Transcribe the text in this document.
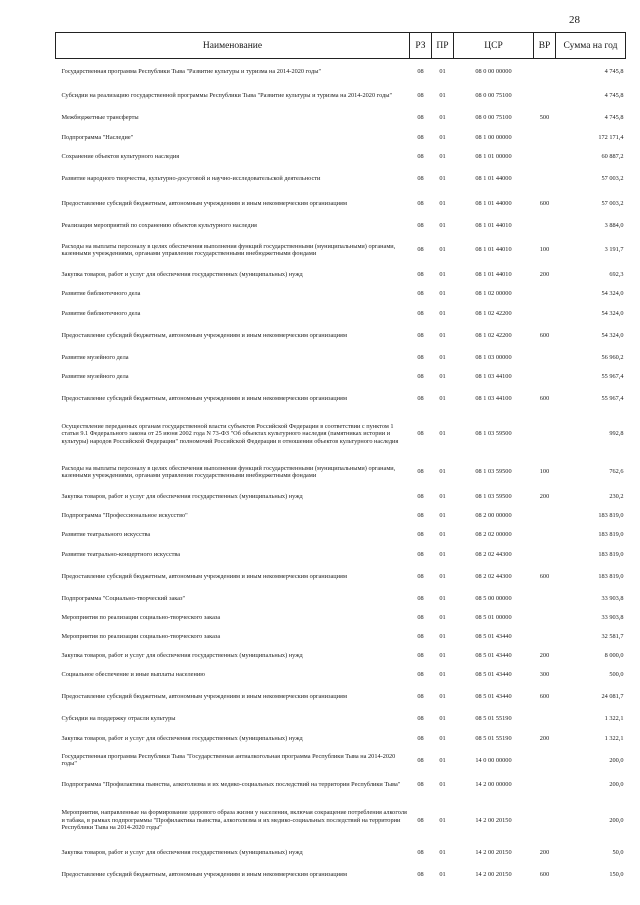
28
Наименование	РЗ	ПР	ЦСР	ВР	Сумма на год
Государственная программа Республики Тыва "Развитие культуры и туризма на 2014-2020 годы"	08	01	08 0 00 00000		4 745,8
Субсидии на реализацию государственной программы Республики Тыва "Развитие культуры и туризма на 2014-2020 годы"	08	01	08 0 00 75100		4 745,8
Межбюджетные трансферты	08	01	08 0 00 75100	500	4 745,8
Подпрограмма "Наследие"	08	01	08 1 00 00000		172 171,4
Сохранение объектов культурного наследия	08	01	08 1 01 00000		60 887,2
Развитие народного творчества, культурно-досуговой и научно-исследовательской деятельности	08	01	08 1 01 44000		57 003,2
Предоставление субсидий бюджетным, автономным учреждениям и иным некоммерческим организациям	08	01	08 1 01 44000	600	57 003,2
Реализация мероприятий по сохранению объектов культурного наследия	08	01	08 1 01 44010		3 884,0
Расходы на выплаты персоналу в целях обеспечения выполнения функций государственными (муниципальными) органами, казенными учреждениями, органами управления государственными внебюджетными фондами	08	01	08 1 01 44010	100	3 191,7
Закупка товаров, работ и услуг для обеспечения государственных (муниципальных) нужд	08	01	08 1 01 44010	200	692,3
Развитие библиотечного дела	08	01	08 1 02 00000		54 324,0
Развитие библиотечного дела	08	01	08 1 02 42200		54 324,0
Предоставление субсидий бюджетным, автономным учреждениям и иным некоммерческим организациям	08	01	08 1 02 42200	600	54 324,0
Развитие музейного дела	08	01	08 1 03 00000		56 960,2
Развитие музейного дела	08	01	08 1 03 44100		55 967,4
Предоставление субсидий бюджетным, автономным учреждениям и иным некоммерческим организациям	08	01	08 1 03 44100	600	55 967,4
Осуществление переданных органам государственной власти субъектов Российской Федерации в соответствии с пунктом 1 статьи 9.1 Федерального закона от 25 июня 2002 года N 73-ФЗ "Об объектах культурного наследия (памятниках истории и культуры) народов Российской Федерации" полномочий Российской Федерации в отношении объектов культурного наследия	08	01	08 1 03 59500		992,8
Расходы на выплаты персоналу в целях обеспечения выполнения функций государственными (муниципальными) органами, казенными учреждениями, органами управления государственными внебюджетными фондами	08	01	08 1 03 59500	100	762,6
Закупка товаров, работ и услуг для обеспечения государственных (муниципальных) нужд	08	01	08 1 03 59500	200	230,2
Подпрограмма "Профессиональное искусство"	08	01	08 2 00 00000		183 819,0
Развитие театрального искусства	08	01	08 2 02 00000		183 819,0
Развитие театрально-концертного искусства	08	01	08 2 02 44300		183 819,0
Предоставление субсидий бюджетным, автономным учреждениям и иным некоммерческим организациям	08	01	08 2 02 44300	600	183 819,0
Подпрограмма "Социально-творческий заказ"	08	01	08 5 00 00000		33 903,8
Мероприятия по реализации социально-творческого заказа	08	01	08 5 01 00000		33 903,8
Мероприятия по реализации социально-творческого заказа	08	01	08 5 01 43440		32 581,7
Закупка товаров, работ и услуг для обеспечения государственных (муниципальных) нужд	08	01	08 5 01 43440	200	8 000,0
Социальное обеспечение и иные выплаты населению	08	01	08 5 01 43440	300	500,0
Предоставление субсидий бюджетным, автономным учреждениям и иным некоммерческим организациям	08	01	08 5 01 43440	600	24 081,7
Субсидии на поддержку отрасли культуры	08	01	08 5 01 55190		1 322,1
Закупка товаров, работ и услуг для обеспечения государственных (муниципальных) нужд	08	01	08 5 01 55190	200	1 322,1
Государственная программа Республики Тыва "Государственная антиалкогольная программа Республики Тыва на 2014-2020 годы"	08	01	14 0 00 00000		200,0
Подпрограмма "Профилактика пьянства, алкоголизма и их медико-социальных последствий на территории Республики Тыва"	08	01	14 2 00 00000		200,0
Мероприятия, направленные на формирование здорового образа жизни у населения, включая сокращение потребления алкоголя и табака, в рамках подпрограммы "Профилактика пьянства, алкоголизма и их медико-социальных последствий на территории Республики Тыва на 2014-2020 годы"	08	01	14 2 00 20150		200,0
Закупка товаров, работ и услуг для обеспечения государственных (муниципальных) нужд	08	01	14 2 00 20150	200	50,0
Предоставление субсидий бюджетным, автономным учреждениям и иным некоммерческим организациям	08	01	14 2 00 20150	600	150,0
